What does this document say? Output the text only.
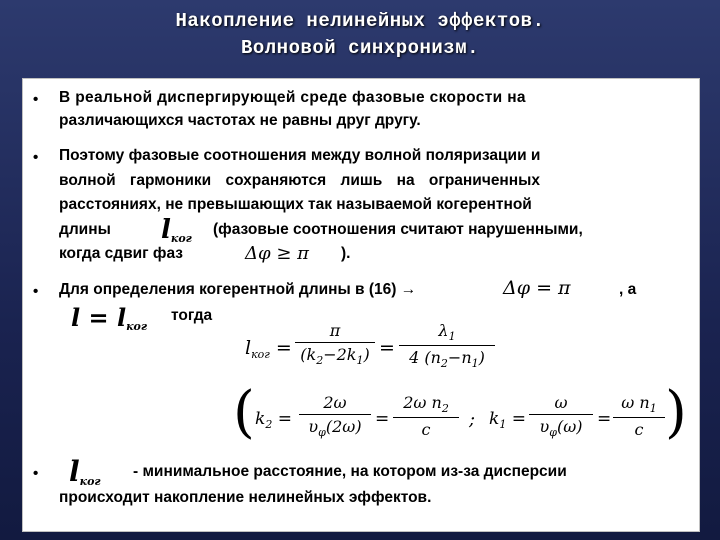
Накопление нелинейных эффектов.
Волновой синхронизм.
• В реальной диспергирующей среде фазовые скорости на
различающихся частотах не равны друг другу.
• Поэтому фазовые соотношения между волной поляризации и
волной гармоники сохраняются лишь на ограниченных
расстояниях, не превышающих так называемой когерентной
длины $l_{ког}$
(фазовые соотношения считают нарушенными,
когда сдвиг фаз	Δφ ≥ π ).
• Для определения когерентной длины в (16) →	Δφ = π	, а
$l = l_{ког}$
тогда
$l_{ког} = \frac{\pi}{(k_2-2k_1)} = \frac{\lambda_1}{4 (n_2-n_1)}$
( $k_2 = \frac{2\omega}{\upsilon_\varphi(2\omega)} = \frac{2\omega n_2}{c}$ ; $k_1 = \frac{\omega}{\upsilon_\varphi(\omega)} = \frac{\omega n_1}{c}$ )
• $l_{ког}$
- минимальное расстояние, на котором из-за дисперсии
происходит накопление нелинейных эффектов.
